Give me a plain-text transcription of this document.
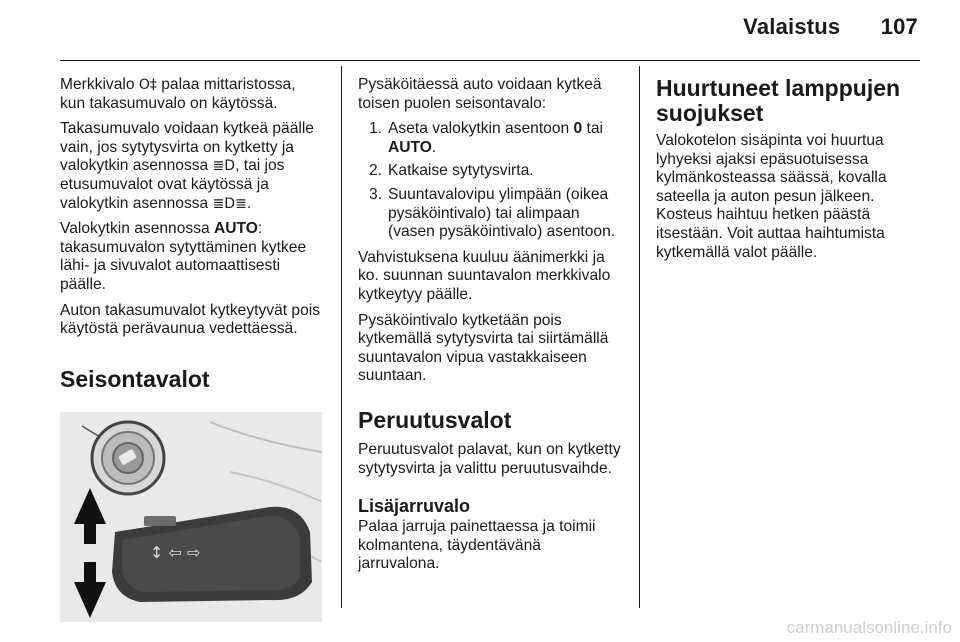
Valaistus 107

Merkkivalo O‡ palaa mittaristossa, kun takasumuvalo on käytössä.

Takasumuvalo voidaan kytkeä päälle vain, jos sytytysvirta on kytketty ja valokytkin asennossa ≣D, tai jos etusumuvalot ovat käytössä ja valokytkin asennossa ≣D≣.

Valokytkin asennossa AUTO: takasumuvalon sytyttäminen kytkee lähi- ja sivuvalot automaattisesti päälle.

Auton takasumuvalot kytkeytyvät pois käytöstä perävaunua vedettäessä.

Seisontavalot
↕ ⇦ ⇨

Pysäköitäessä auto voidaan kytkeä toisen puolen seisontavalo:

1. Aseta valokytkin asentoon 0 tai AUTO.
2. Katkaise sytytysvirta.
3. Suuntavalovipu ylimpään (oikea pysäköintivalo) tai alimpaan (vasen pysäköintivalo) asentoon.

Vahvistuksena kuuluu äänimerkki ja ko. suunnan suuntavalon merkkivalo kytkeytyy päälle.

Pysäköintivalo kytketään pois kytkemällä sytytysvirta tai siirtämällä suuntavalon vipua vastakkaiseen suuntaan.

Peruutusvalot

Peruutusvalot palavat, kun on kytketty sytytysvirta ja valittu peruutusvaihde.

Lisäjarruvalo

Palaa jarruja painettaessa ja toimii kolmantena, täydentävänä jarruvalona.

Huurtuneet lamppujen suojukset

Valokotelon sisäpinta voi huurtua lyhyeksi ajaksi epäsuotuisessa kylmänkosteassa säässä, kovalla sateella ja auton pesun jälkeen. Kosteus haihtuu hetken päästä itsestään. Voit auttaa haihtumista kytkemällä valot päälle.

carmanualsonline.info
